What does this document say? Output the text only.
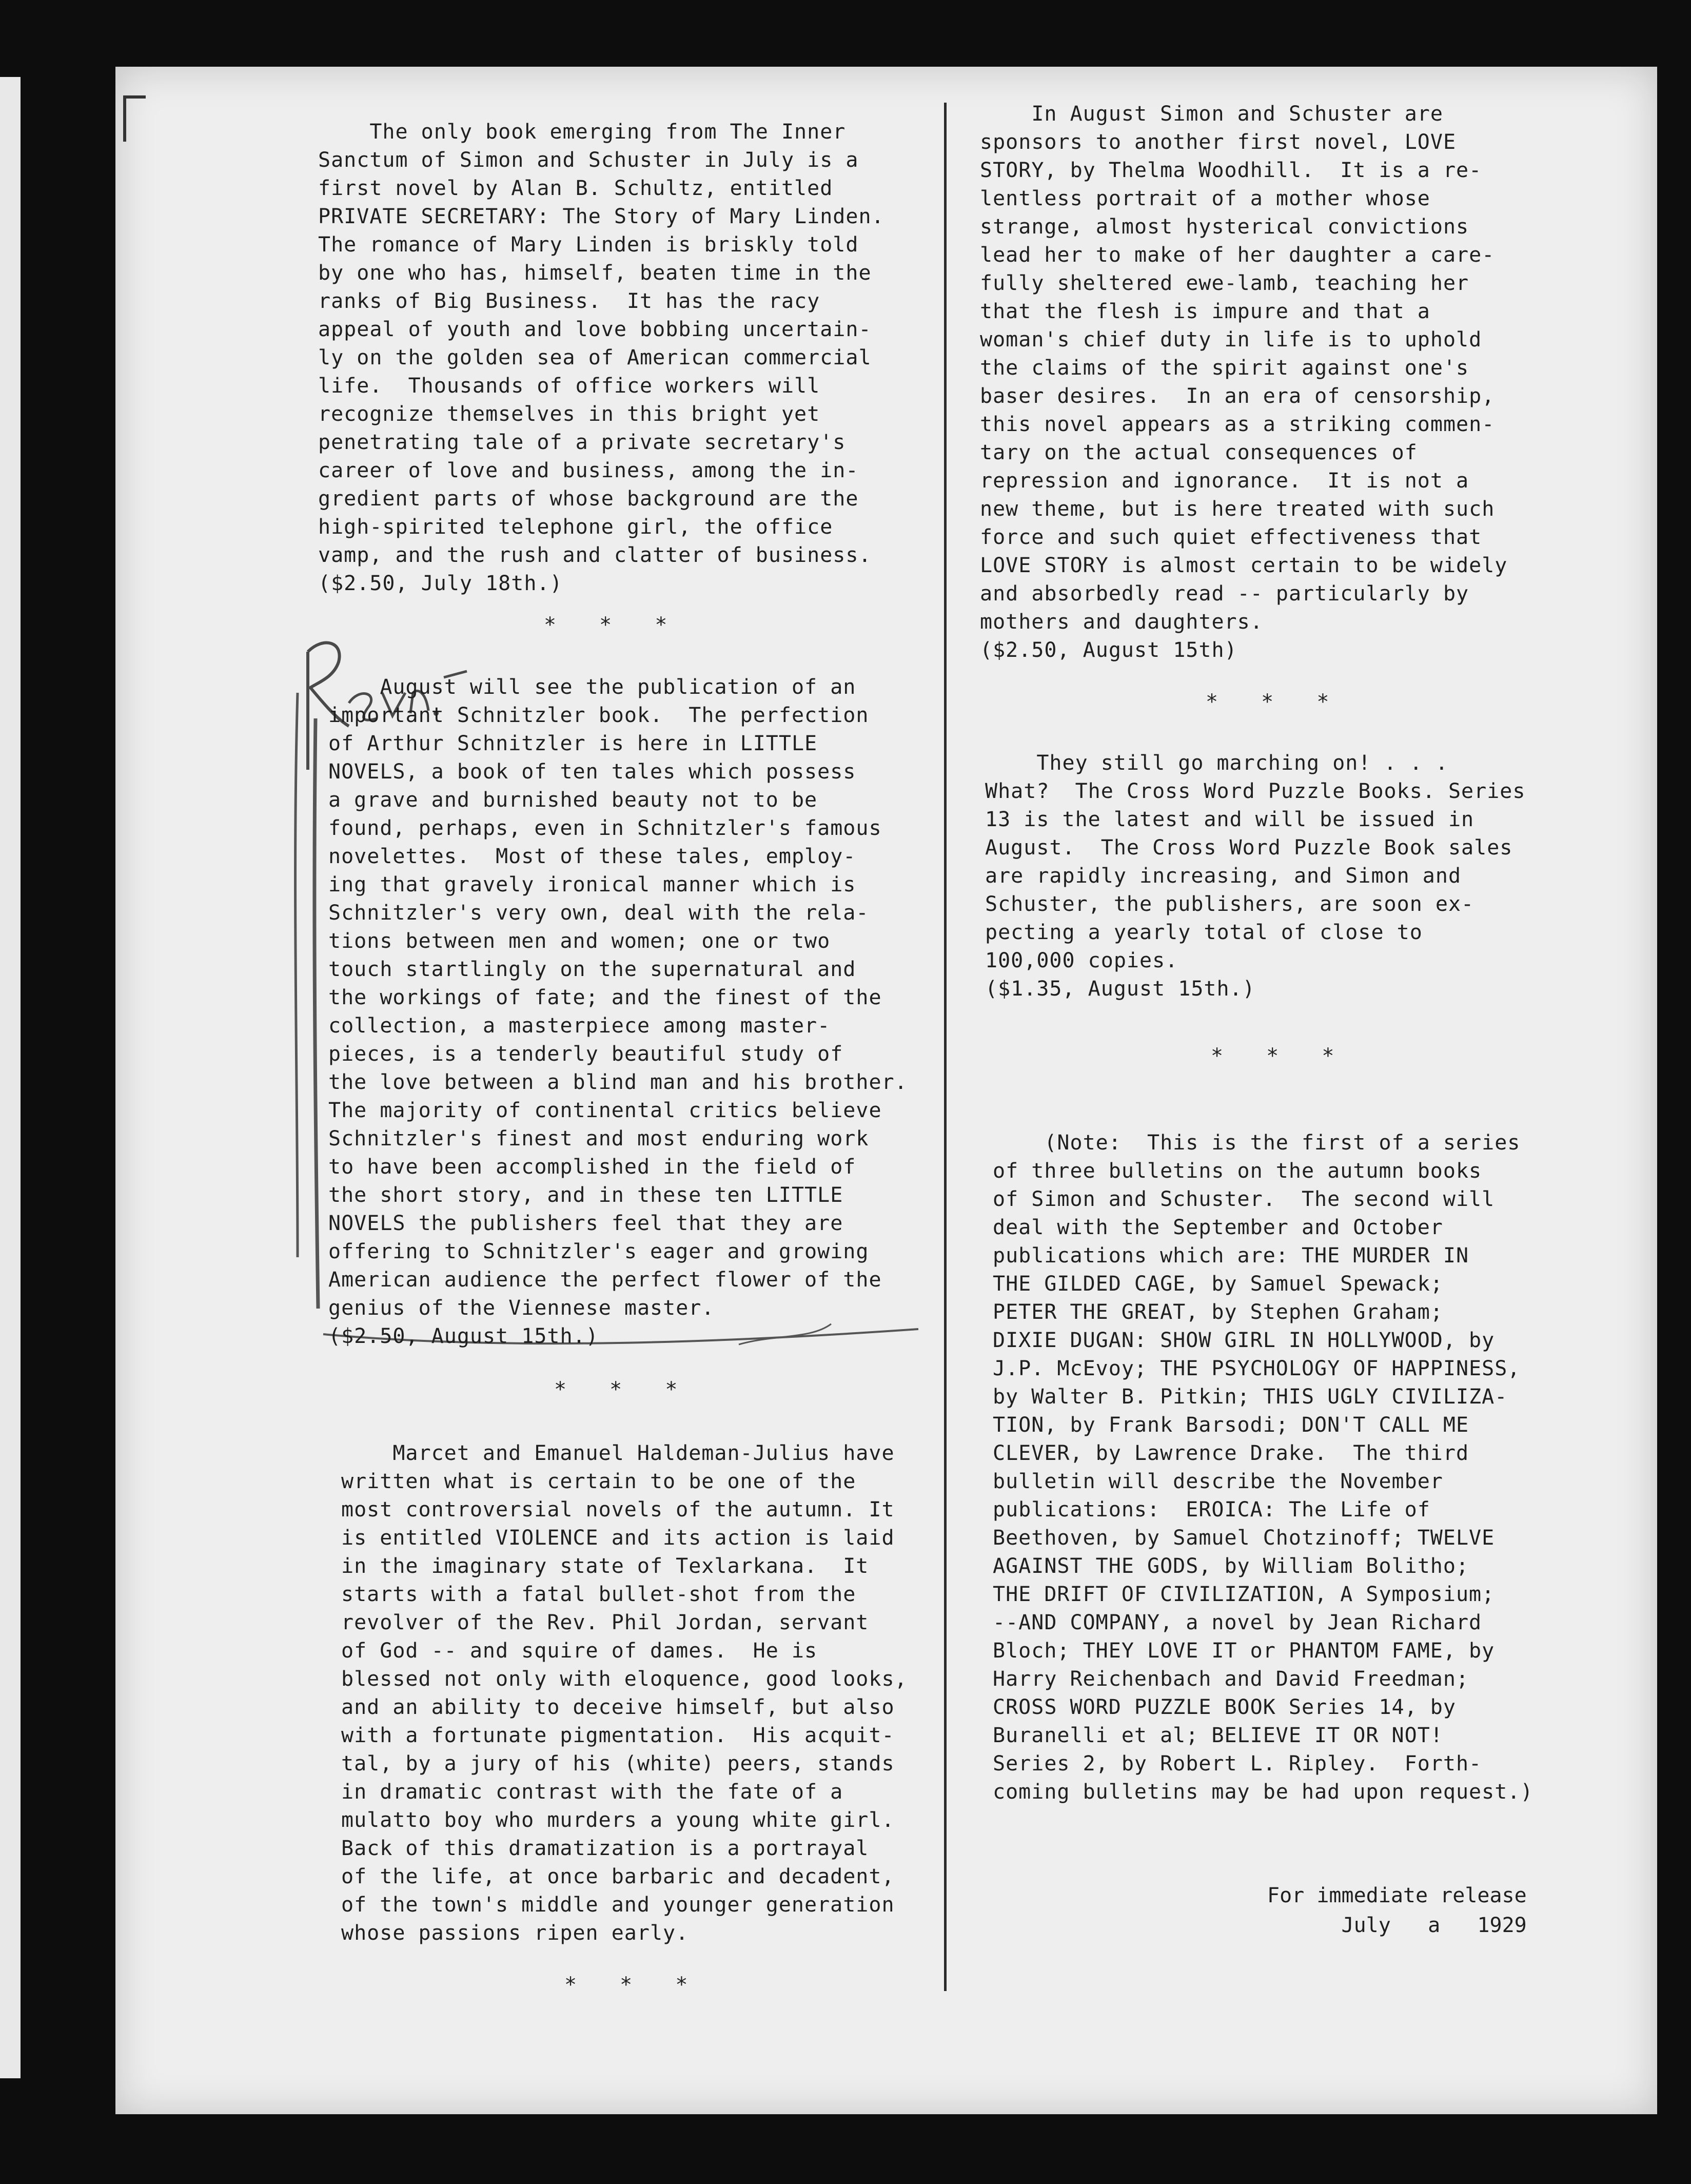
Revn. -
The only book emerging from The Inner
Sanctum of Simon and Schuster in July is a
first novel by Alan B. Schultz, entitled
PRIVATE SECRETARY: The Story of Mary Linden.
The romance of Mary Linden is briskly told
by one who has, himself, beaten time in the
ranks of Big Business.  It has the racy
appeal of youth and love bobbing uncertain-
ly on the golden sea of American commercial
life.  Thousands of office workers will
recognize themselves in this bright yet
penetrating tale of a private secretary's
career of love and business, among the in-
gredient parts of whose background are the
high-spirited telephone girl, the office
vamp, and the rush and clatter of business.
($2.50, July 18th.)
* * *
August will see the publication of an
important Schnitzler book.  The perfection
of Arthur Schnitzler is here in LITTLE
NOVELS, a book of ten tales which possess
a grave and burnished beauty not to be
found, perhaps, even in Schnitzler's famous
novelettes.  Most of these tales, employ-
ing that gravely ironical manner which is
Schnitzler's very own, deal with the rela-
tions between men and women; one or two
touch startlingly on the supernatural and
the workings of fate; and the finest of the
collection, a masterpiece among master-
pieces, is a tenderly beautiful study of
the love between a blind man and his brother.
The majority of continental critics believe
Schnitzler's finest and most enduring work
to have been accomplished in the field of
the short story, and in these ten LITTLE
NOVELS the publishers feel that they are
offering to Schnitzler's eager and growing
American audience the perfect flower of the
genius of the Viennese master.
($2.50, August 15th.)
* * *
Marcet and Emanuel Haldeman-Julius have
written what is certain to be one of the
most controversial novels of the autumn. It
is entitled VIOLENCE and its action is laid
in the imaginary state of Texlarkana.  It
starts with a fatal bullet-shot from the
revolver of the Rev. Phil Jordan, servant
of God -- and squire of dames.  He is
blessed not only with eloquence, good looks,
and an ability to deceive himself, but also
with a fortunate pigmentation.  His acquit-
tal, by a jury of his (white) peers, stands
in dramatic contrast with the fate of a
mulatto boy who murders a young white girl.
Back of this dramatization is a portrayal
of the life, at once barbaric and decadent,
of the town's middle and younger generation
whose passions ripen early.
* * *
In August Simon and Schuster are
sponsors to another first novel, LOVE
STORY, by Thelma Woodhill.  It is a re-
lentless portrait of a mother whose
strange, almost hysterical convictions
lead her to make of her daughter a care-
fully sheltered ewe-lamb, teaching her
that the flesh is impure and that a
woman's chief duty in life is to uphold
the claims of the spirit against one's
baser desires.  In an era of censorship,
this novel appears as a striking commen-
tary on the actual consequences of
repression and ignorance.  It is not a
new theme, but is here treated with such
force and such quiet effectiveness that
LOVE STORY is almost certain to be widely
and absorbedly read -- particularly by
mothers and daughters.
($2.50, August 15th)
* * *
They still go marching on! . . .
What?  The Cross Word Puzzle Books. Series
13 is the latest and will be issued in
August.  The Cross Word Puzzle Book sales
are rapidly increasing, and Simon and
Schuster, the publishers, are soon ex-
pecting a yearly total of close to
100,000 copies.
($1.35, August 15th.)
* * *
(Note:  This is the first of a series
of three bulletins on the autumn books
of Simon and Schuster.  The second will
deal with the September and October
publications which are: THE MURDER IN
THE GILDED CAGE, by Samuel Spewack;
PETER THE GREAT, by Stephen Graham;
DIXIE DUGAN: SHOW GIRL IN HOLLYWOOD, by
J.P. McEvoy; THE PSYCHOLOGY OF HAPPINESS,
by Walter B. Pitkin; THIS UGLY CIVILIZA-
TION, by Frank Barsodi; DON'T CALL ME
CLEVER, by Lawrence Drake.  The third
bulletin will describe the November
publications:  EROICA: The Life of
Beethoven, by Samuel Chotzinoff; TWELVE
AGAINST THE GODS, by William Bolitho;
THE DRIFT OF CIVILIZATION, A Symposium;
--AND COMPANY, a novel by Jean Richard
Bloch; THEY LOVE IT or PHANTOM FAME, by
Harry Reichenbach and David Freedman;
CROSS WORD PUZZLE BOOK Series 14, by
Buranelli et al; BELIEVE IT OR NOT!
Series 2, by Robert L. Ripley.  Forth-
coming bulletins may be had upon request.)
For immediate release
July   a   1929
